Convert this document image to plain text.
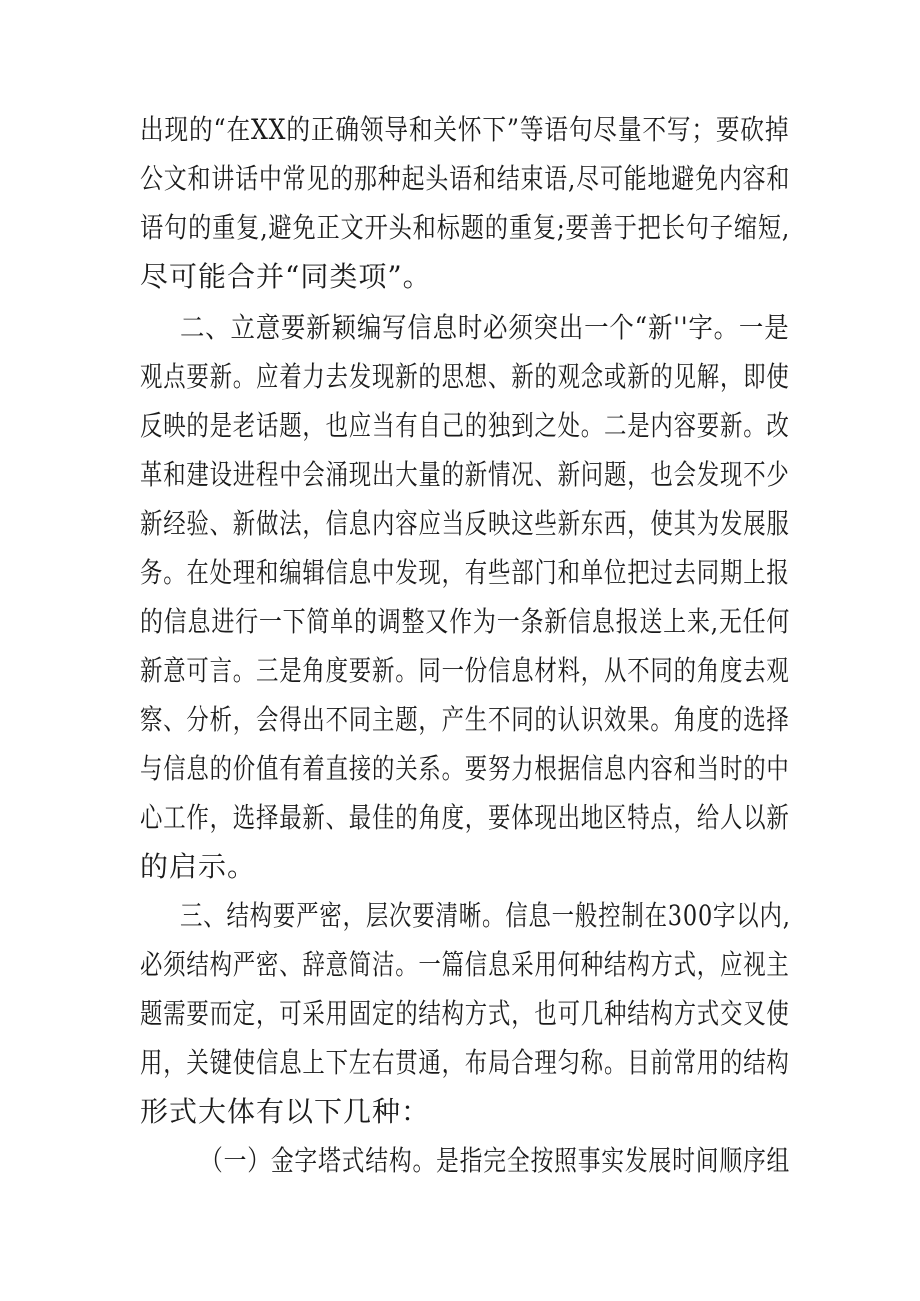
出现的“在XX的正确领导和关怀下”等语句尽量不写；要砍掉
公文和讲话中常见的那种起头语和结束语,尽可能地避免内容和
语句的重复,避免正文开头和标题的重复;要善于把长句子缩短,
尽可能合并“同类项”。
二、立意要新颖编写信息时必须突出一个“新''字。一是
观点要新。应着力去发现新的思想、新的观念或新的见解，即使
反映的是老话题，也应当有自己的独到之处。二是内容要新。改
革和建设进程中会涌现出大量的新情况、新问题，也会发现不少
新经验、新做法，信息内容应当反映这些新东西，使其为发展服
务。在处理和编辑信息中发现，有些部门和单位把过去同期上报
的信息进行一下简单的调整又作为一条新信息报送上来,无任何
新意可言。三是角度要新。同一份信息材料，从不同的角度去观
察、分析，会得出不同主题，产生不同的认识效果。角度的选择
与信息的价值有着直接的关系。要努力根据信息内容和当时的中
心工作，选择最新、最佳的角度，要体现出地区特点，给人以新
的启示。
三、结构要严密，层次要清晰。信息一般控制在300字以内,
必须结构严密、辞意简洁。一篇信息采用何种结构方式，应视主
题需要而定，可采用固定的结构方式，也可几种结构方式交叉使
用，关键使信息上下左右贯通，布局合理匀称。目前常用的结构
形式大体有以下几种：
（一）金字塔式结构。是指完全按照事实发展时间顺序组
